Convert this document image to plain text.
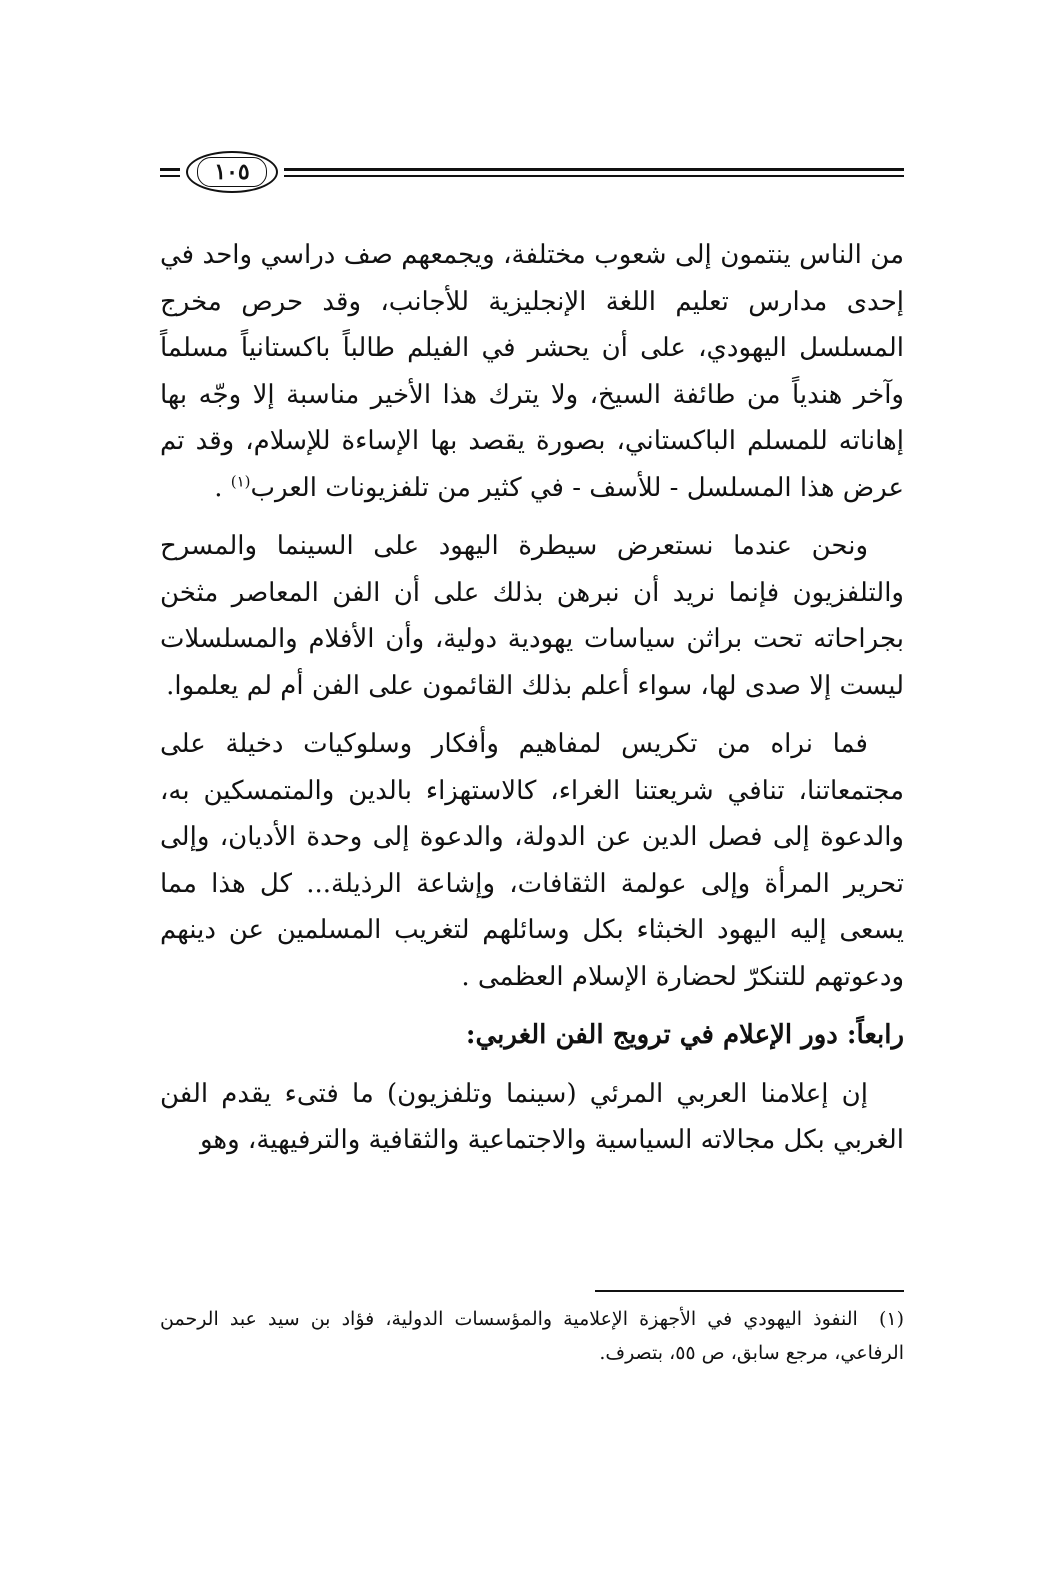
١٠٥

من الناس ينتمون إلى شعوب مختلفة، ويجمعهم صف دراسي واحد في إحدى مدارس تعليم اللغة الإنجليزية للأجانب، وقد حرص مخرج المسلسل اليهودي، على أن يحشر في الفيلم طالباً باكستانياً مسلماً وآخر هندياً من طائفة السيخ، ولا يترك هذا الأخير مناسبة إلا وجّه بها إهاناته للمسلم الباكستاني، بصورة يقصد بها الإساءة للإسلام، وقد تم عرض هذا المسلسل - للأسف - في كثير من تلفزيونات العرب$^{(١)}$ .

ونحن عندما نستعرض سيطرة اليهود على السينما والمسرح والتلفزيون فإنما نريد أن نبرهن بذلك على أن الفن المعاصر مثخن بجراحاته تحت براثن سياسات يهودية دولية، وأن الأفلام والمسلسلات ليست إلا صدى لها، سواء أعلم بذلك القائمون على الفن أم لم يعلموا.

فما نراه من تكريس لمفاهيم وأفكار وسلوكيات دخيلة على مجتمعاتنا، تنافي شريعتنا الغراء، كالاستهزاء بالدين والمتمسكين به، والدعوة إلى فصل الدين عن الدولة، والدعوة إلى وحدة الأديان، وإلى تحرير المرأة وإلى عولمة الثقافات، وإشاعة الرذيلة... كل هذا مما يسعى إليه اليهود الخبثاء بكل وسائلهم لتغريب المسلمين عن دينهم ودعوتهم للتنكرّ لحضارة الإسلام العظمى .

رابعاً: دور الإعلام في ترويج الفن الغربي:

إن إعلامنا العربي المرئي (سينما وتلفزيون) ما فتىء يقدم الفن الغربي بكل مجالاته السياسية والاجتماعية والثقافية والترفيهية، وهو

(١) النفوذ اليهودي في الأجهزة الإعلامية والمؤسسات الدولية، فؤاد بن سيد عبد الرحمن الرفاعي، مرجع سابق، ص ٥٥، بتصرف.
